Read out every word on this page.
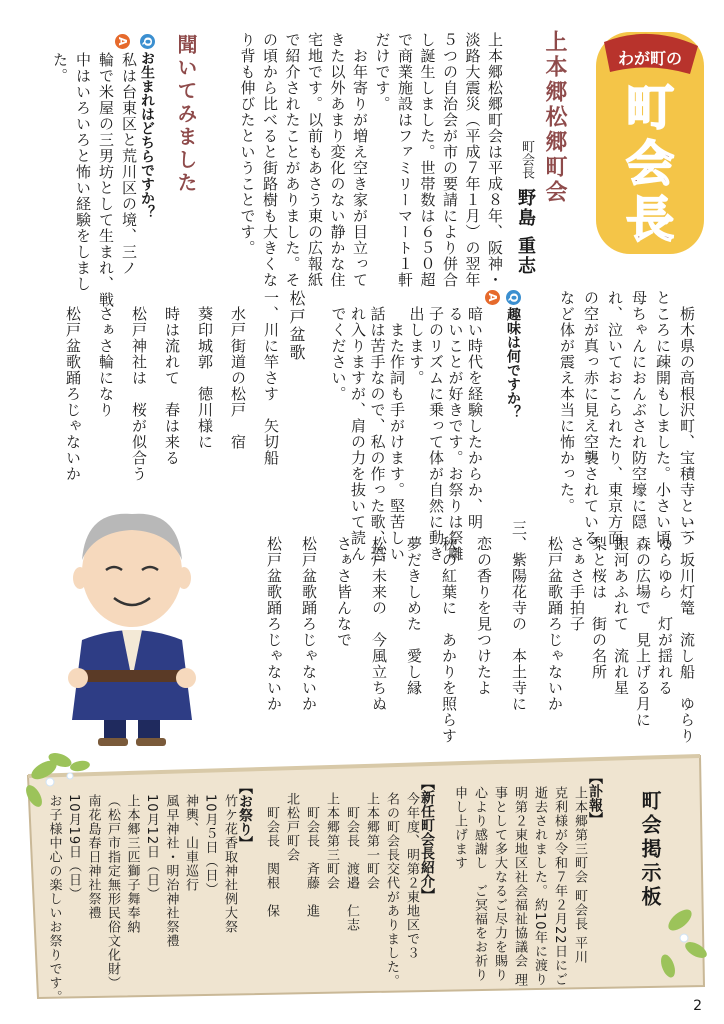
わが町の
町
会
長
上本郷松郷町会
町会長
野島 重志
上本郷松郷町会は平成８年、阪神・
淡路大震災（平成７年１月）の翌年
５つの自治会が市の要請により併合
し誕生しました。世帯数は６５０超
で商業施設はファミリーマート１軒
だけです。
　お年寄りが増え空き家が目立って
きた以外あまり変化のない静かな住
宅地です。以前もあさう東の広報紙
で紹介されたことがありました。そ
の頃から比べると街路樹も大きくな
り背も伸びたということです。
聞いてみました
Qお生まれはどちらですか？
A
私は台東区と荒川区の境、三ノ
輪で米屋の三男坊として生まれ、戦
中はいろいろと怖い経験をしまし
た。
　栃木県の高根沢町、宝積寺という
ところに疎開もしました。小さい頃、
母ちゃんにおんぶされ防空壕に隠
れ、泣いておこられたり、東京方面
の空が真っ赤に見え空襲されている
など体が震え本当に怖かった。
Q趣味は何ですか？
A
暗い時代を経験したからか、明
るいことが好きです。お祭りは祭囃
子のリズムに乗って体が自然に動き
出します。
　また作詞も手がけます。堅苦しい
話は苦手なので、私の作った歌、恐
れ入りますが、肩の力を抜いて読ん
でください。
松戸盆歌
一、川に竿さす　矢切船
　水戸街道の松戸　宿
　葵印城郭　徳川様に
　時は流れて　春は来る
　松戸神社は　桜が似合う
　さぁさ輪になり
　松戸盆歌踊ろじゃないか
二、坂川灯篭　流し船　ゆらり
　ゆらゆら　灯が揺れる
　森の広場で　見上げる月に
　銀河あふれて　流れ星
　梨と桜は　街の名所
　さぁさ手拍子
　松戸盆歌踊ろじゃないか
三、紫陽花寺の　本土寺に
　恋の香りを見つけたよ
　秋の紅葉に　あかりを照らす
　夢だきしめた　愛し縁
　松戸未来の　今風立ちぬ
　さぁさ皆んなで
　松戸盆歌踊ろじゃないか
　松戸盆歌踊ろじゃないか
町会掲示板
【訃報】
上本郷第三町会 町会長 平川
克利様が令和７年２月22日にご
逝去されました。約10年に渡り
明第２東地区社会福祉協議会 理
事として多大なるご尽力を賜り
心より感謝し　ご冥福をお祈り
申し上げます
【新任町会長紹介】
今年度、明第２東地区で３
名の町会長交代がありました。
上本郷第一町会
　町会長　渡邉　仁志
上本郷第三町会
　町会長　斉藤　進
北松戸町会
　町会長　関根　保
【お祭り】
竹ケ花香取神社例大祭
10月５日（日）
神輿、山車巡行
風早神社・明治神社祭禮
10月12日（日）
上本郷三匹獅子舞奉納
（松戸市指定無形民俗文化財）
南花島春日神社祭禮
10月19日（日）
お子様中心の楽しいお祭りです。
2
